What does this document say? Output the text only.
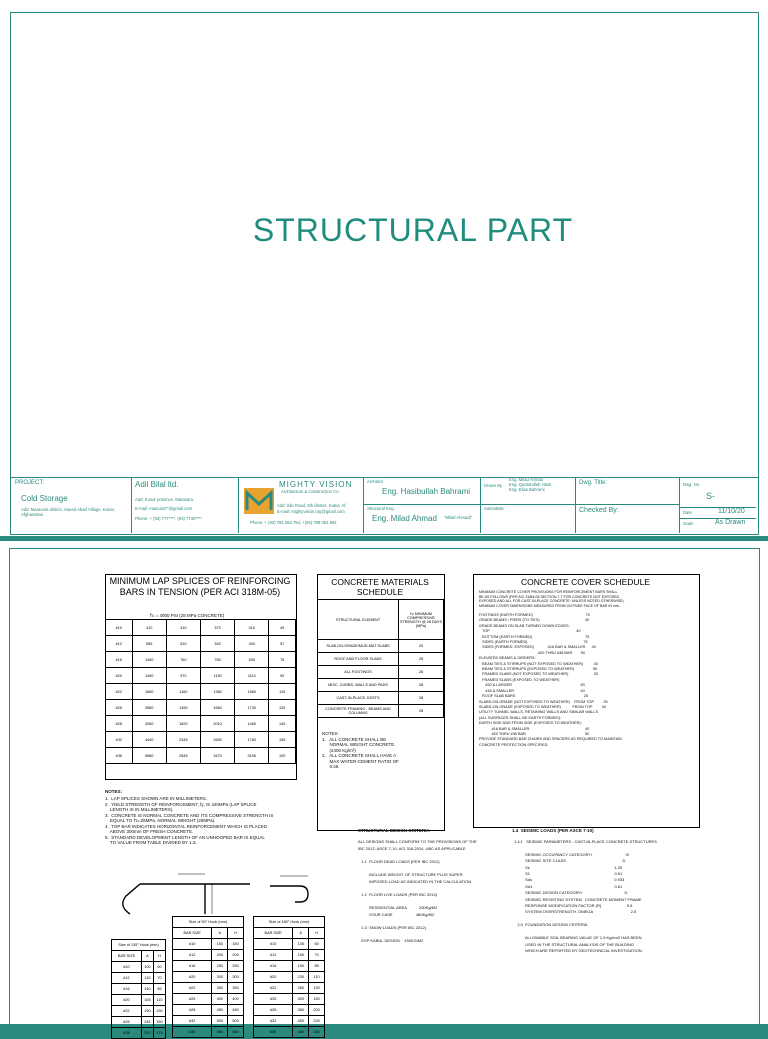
STRUCTURAL PART
PROJECT:
Cold Storage
Add: Maravara district, Saeed Abad Village, Kunar, Afghanistan.
Adil Bilal ltd.
Add: Kunar province, Maravara.
E-mail: mamund**@gmail.com
Phone: + (93) 777****, (93) 7730****
MIGHTY VISION
Architecture & Construction Co.
Add: Silo Road, 5th district, Kabul, Af.
E-mail: mightyvision.org@gmail.com
Phone: + (93) 784 284 754, +(93) 788 054 964
Architect
Eng. Hasibullah Bahrami
Structural Eng.
Eng. Milad Ahmad "Milad Ahmadi"
Drawn By
Eng. Milad Ahmad
Eng. Qudratullah Hasir
Eng. Elias Bahrami
Submittals
Dwg. Title:
Checked By:
Dwg. No.
S-
Date	11/10/20
Scale	As Drawn
MINIMUM LAP SPLICES OF REINFORCING BARS IN TENSION (PER ACI 318M-05)
f'c = 4000 PSI (28 MPa CONCRETE)
#10	410	410	370	410	45
#12	565	610	340	400	57
#16	1450	760	780	830	75
#20	1490	970	1130	1110	90
#22	1650	1160	1360	1560	110
#25	2560	1450	1660	1730	125
#28	3260	1820	2010	1450	140
#32	4440	2345	2690	1780	159
#36	5980	2845	3470	3195	190
NOTES:
1.  LAP SPLICES SHOWN ARE IN MILLIMETERS.
2.  YIELD STRENGTH OF REINFORCEMENT, fy, IS 420MPa (LAP SPLICE
LENGTH IS IN MILLIMETERS).
3.  CONCRETE IS NORMAL CONCRETE AND ITS COMPRESSIVE STRENGTH IS
EQUAL TO f'c=28MPa, NORMAL WEIGHT (28MPa).
4.  TOP BAR INDICATES HORIZONTAL REINFORCEMENT WHICH IS PLACED
ABOVE 300mm OF FRESH CONCRETE.
5.  STANDARD DEVELOPMENT LENGTH OF AN UNHOOPED BAR IS EQUAL
TO VALUE FROM TABLE DIVIDED BY 1.3.
CONCRETE MATERIALS SCHEDULE
STRUCTURAL ELEMENT	f'c MINIMUM COMPRESSIVE STRENGTH @ 28 DAYS (MPa)
SLAB-ON-GRADE/MUD-MAT SLABS	25
ROOF AND FLOOR SLABS	28
ALL FOOTINGS	28
MISC. CURBS, WALLS AND PADS	28
CAST-IN-PLACE JOISTS	28
CONCRETE FRAMING - BEAMS AND COLUMNS	28
NOTES:
1.   ALL CONCRETE SHALL BE
NORMAL WEIGHT CONCRETE.
(2400 Kg/m³)
2.   ALL CONCRETE SHALL HAVE A
MAX WATER-CEMENT RATIO OF
0.45.
CONCRETE COVER SCHEDULE
MINIMUM CONCRETE COVER PROVISIONS FOR REINFORCEMENT BARS SHALL
BE AS FOLLOWS (PER ACI 318M-05 SECTION 7.7 FOR CONCRETE NOT EXPOSED,
EXPOSED AND ALL FOR CAST-IN-PLACE CONCRETE; UNLESS NOTED OTHERWISE).
MINIMUM COVER DIMENSIONS MEASURED FROM OUTSIDE FACE OF BAR IN mm.
FOOTINGS (EARTH FORMED)                                                  75
GRADE BEAMS / PIERS (TO TIES)                                           40
GRADE BEAMS ON SLAB TURNED DOWN EDGES:
TOP                                                                                  40
BOTTOM (EARTH FORMED)                                                  75
SIDES (EARTH FORMED)                                                     75
SIDES (FORMED, EXPOSED)             #16 BAR & SMALLER      40
#20 THRU #36 BAR        50
ELEVATED BEAMS & GIRDERS:
BEAM TIES & STIRRUPS (NOT EXPOSED TO WEATHER)          40
BEAM TIES & STIRRUPS (EXPOSED TO WEATHER)                  50
FRAMED SLABS (NOT EXPOSED TO WEATHER)                        20
FRAMED SLABS (EXPOSED TO WEATHER)
#20 & LARGER                                                                 50
#16 & SMALLER                                                               40
ROOF SLAB BARS                                                                 25
SLABS-ON-GRADE (NOT EXPOSED TO WEATHER)    FROM TOP         25
SLABS-ON-GRADE (EXPOSED TO WEATHER)           FROM TOP         40
UTILITY TUNNEL WALLS, RETAINING WALLS AND SIMILAR WALLS
(ALL SURFACES SHALL BE EARTH FORMED):
EARTH SIDE AND FROM SIDE (EXPOSED TO WEATHER):
#16 BAR & SMALLER                                                     40
#20 THRU #36 BAR                                                        50
PROVIDE STANDARD BAR CHAIRS AND SPACERS AS REQUIRED TO MAINTAIN
CONCRETE PROTECTION SPECIFIED.
STRUCTURAL DESIGN CRITERIA
ALL DESIGNS SHALL CONFORM TO THE PROVISIONS OF THE
IBC 2012, ASCE 7-10, ACI 318-2014, UBC AS APPLICABLE

1.1  FLOOR DEAD LOADS (PER IBC 2012)

INCLUDE WEIGHT OF STRUCTURE PLUS SUPER
IMPOSED LOAD AS INDICATED IN THE CALCULATION

1.2  FLOOR LIVE LOADS (PER IBC 2012)

RESIDENTIAL AREA           200Kg/M2
STAIR CASE                     480Kg/M2

1.3  SNOW LOADS (PER IBC 2012)

EXP KABUL DESIGN    150KG/M2
1.4  SEISMIC LOADS (PER ASCE 7-10)
1.4.1   SEISMIC PARAMETERS - CAST-IN-PLACE CONCRETE STRUCTURES

SEISMIC OCCUPANCY CATEGORY/                              IV
SEISMIC SITE CLASS                                                   D
Ss                                                                            1.25
S1                                                                            0.51
Sds                                                                          0.933
Sd1                                                                          0.61
SEISMIC DESIGN CATEGORY/                                      D
SEISMIC RESISTING SYSTEM   CONCRETE MOMENT FRAME
RESPONSE MODIFICATION FACTOR (R)                       5.5
SYSTEM OVERSTRENGTH, OMEGA                                  2.5

2.0  FOUNDATION DESIGN CRITERIA

ALLOWABLE SOIL BEARING VALUE OF 1.5 Kg/cm2 HAS BEEN
USED IN THE STRUCTURAL ANALYSIS OF THE BUILDING
WHICH ARE REPORTED BY GEOTECHNICAL INVESTIGATION.
Size of 135° Hook (mm)		
BAR SIZE	A	H
#10	100	60
#12	115	70
#16	140	85
#20	165	110
#22	190	130
#25	245	150
#28	320	175
Size of 90° Hook (mm)		
BAR SIZE	A	H
#10	150	150
#12	200	200
#16	250	250
#20	300	300
#22	350	350
#25	400	400
#28	450	450
#32	500	500
#36	560	560
Size of 180° Hook (mm)		
BAR SIZE	A	H
#10	135	60
#12	150	70
#16	190	85
#20	230	110
#22	280	130
#25	300	150
#28	380	200
#32	450	230
#36	480	260
